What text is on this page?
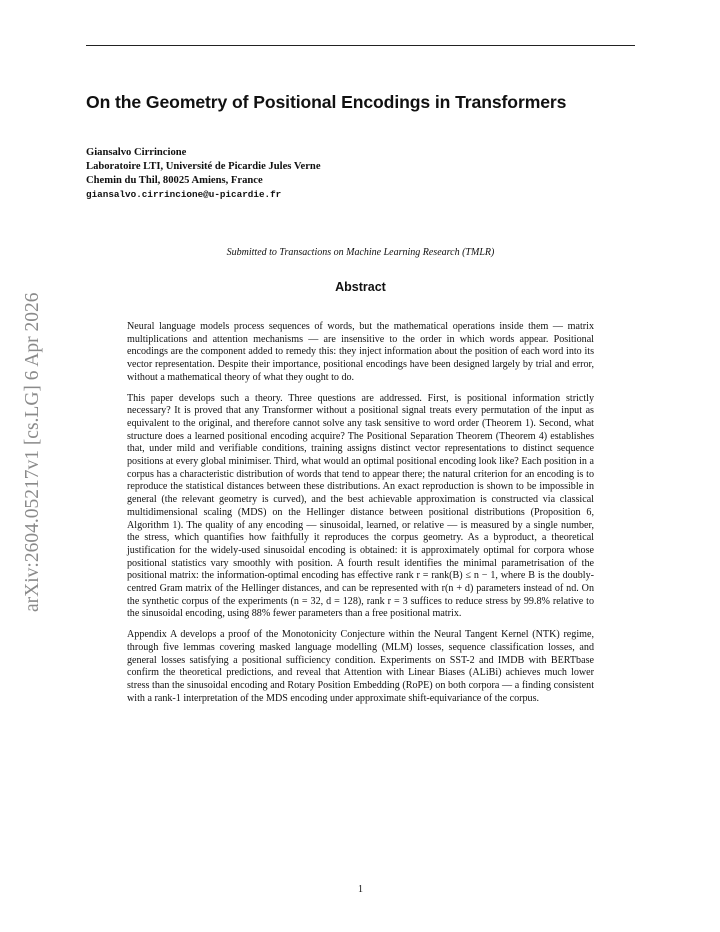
On the Geometry of Positional Encodings in Transformers
Giansalvo Cirrincione
Laboratoire LTI, Université de Picardie Jules Verne
Chemin du Thil, 80025 Amiens, France
giansalvo.cirrincione@u-picardie.fr
arXiv:2604.05217v1 [cs.LG] 6 Apr 2026
Submitted to Transactions on Machine Learning Research (TMLR)
Abstract

Neural language models process sequences of words, but the mathematical operations inside them — matrix multiplications and attention mechanisms — are insensitive to the order in which words appear. Positional encodings are the component added to remedy this: they inject information about the position of each word into its vector representation. Despite their importance, positional encodings have been designed largely by trial and error, without a mathematical theory of what they ought to do.

This paper develops such a theory. Three questions are addressed. First, is positional information strictly necessary? It is proved that any Transformer without a positional signal treats every permutation of the input as equivalent to the original, and therefore cannot solve any task sensitive to word order (Theorem 1). Second, what structure does a learned positional encoding acquire? The Positional Separation Theorem (Theorem 4) establishes that, under mild and verifiable conditions, training assigns distinct vector representations to distinct sequence positions at every global minimiser. Third, what would an optimal positional encoding look like? Each position in a corpus has a characteristic distribution of words that tend to appear there; the natural criterion for an encoding is to reproduce the statistical distances between these distributions. An exact reproduction is shown to be impossible in general (the relevant geometry is curved), and the best achievable approximation is constructed via classical multidimensional scaling (MDS) on the Hellinger distance between positional distributions (Proposition 6, Algorithm 1). The quality of any encoding — sinusoidal, learned, or relative — is measured by a single number, the stress, which quantifies how faithfully it reproduces the corpus geometry. As a byproduct, a theoretical justification for the widely-used sinusoidal encoding is obtained: it is approximately optimal for corpora whose positional statistics vary smoothly with position. A fourth result identifies the minimal parametrisation of the positional matrix: the information-optimal encoding has effective rank r = rank(B) ≤ n − 1, where B is the doubly-centred Gram matrix of the Hellinger distances, and can be represented with r(n + d) parameters instead of nd. On the synthetic corpus of the experiments (n = 32, d = 128), rank r = 3 suffices to reduce stress by 99.8% relative to the sinusoidal encoding, using 88% fewer parameters than a free positional matrix.

Appendix A develops a proof of the Monotonicity Conjecture within the Neural Tangent Kernel (NTK) regime, through five lemmas covering masked language modelling (MLM) losses, sequence classification losses, and general losses satisfying a positional sufficiency condition. Experiments on SST-2 and IMDB with BERTbase confirm the theoretical predictions, and reveal that Attention with Linear Biases (ALiBi) achieves much lower stress than the sinusoidal encoding and Rotary Position Embedding (RoPE) on both corpora — a finding consistent with a rank-1 interpretation of the MDS encoding under approximate shift-equivariance of the corpus.

1
